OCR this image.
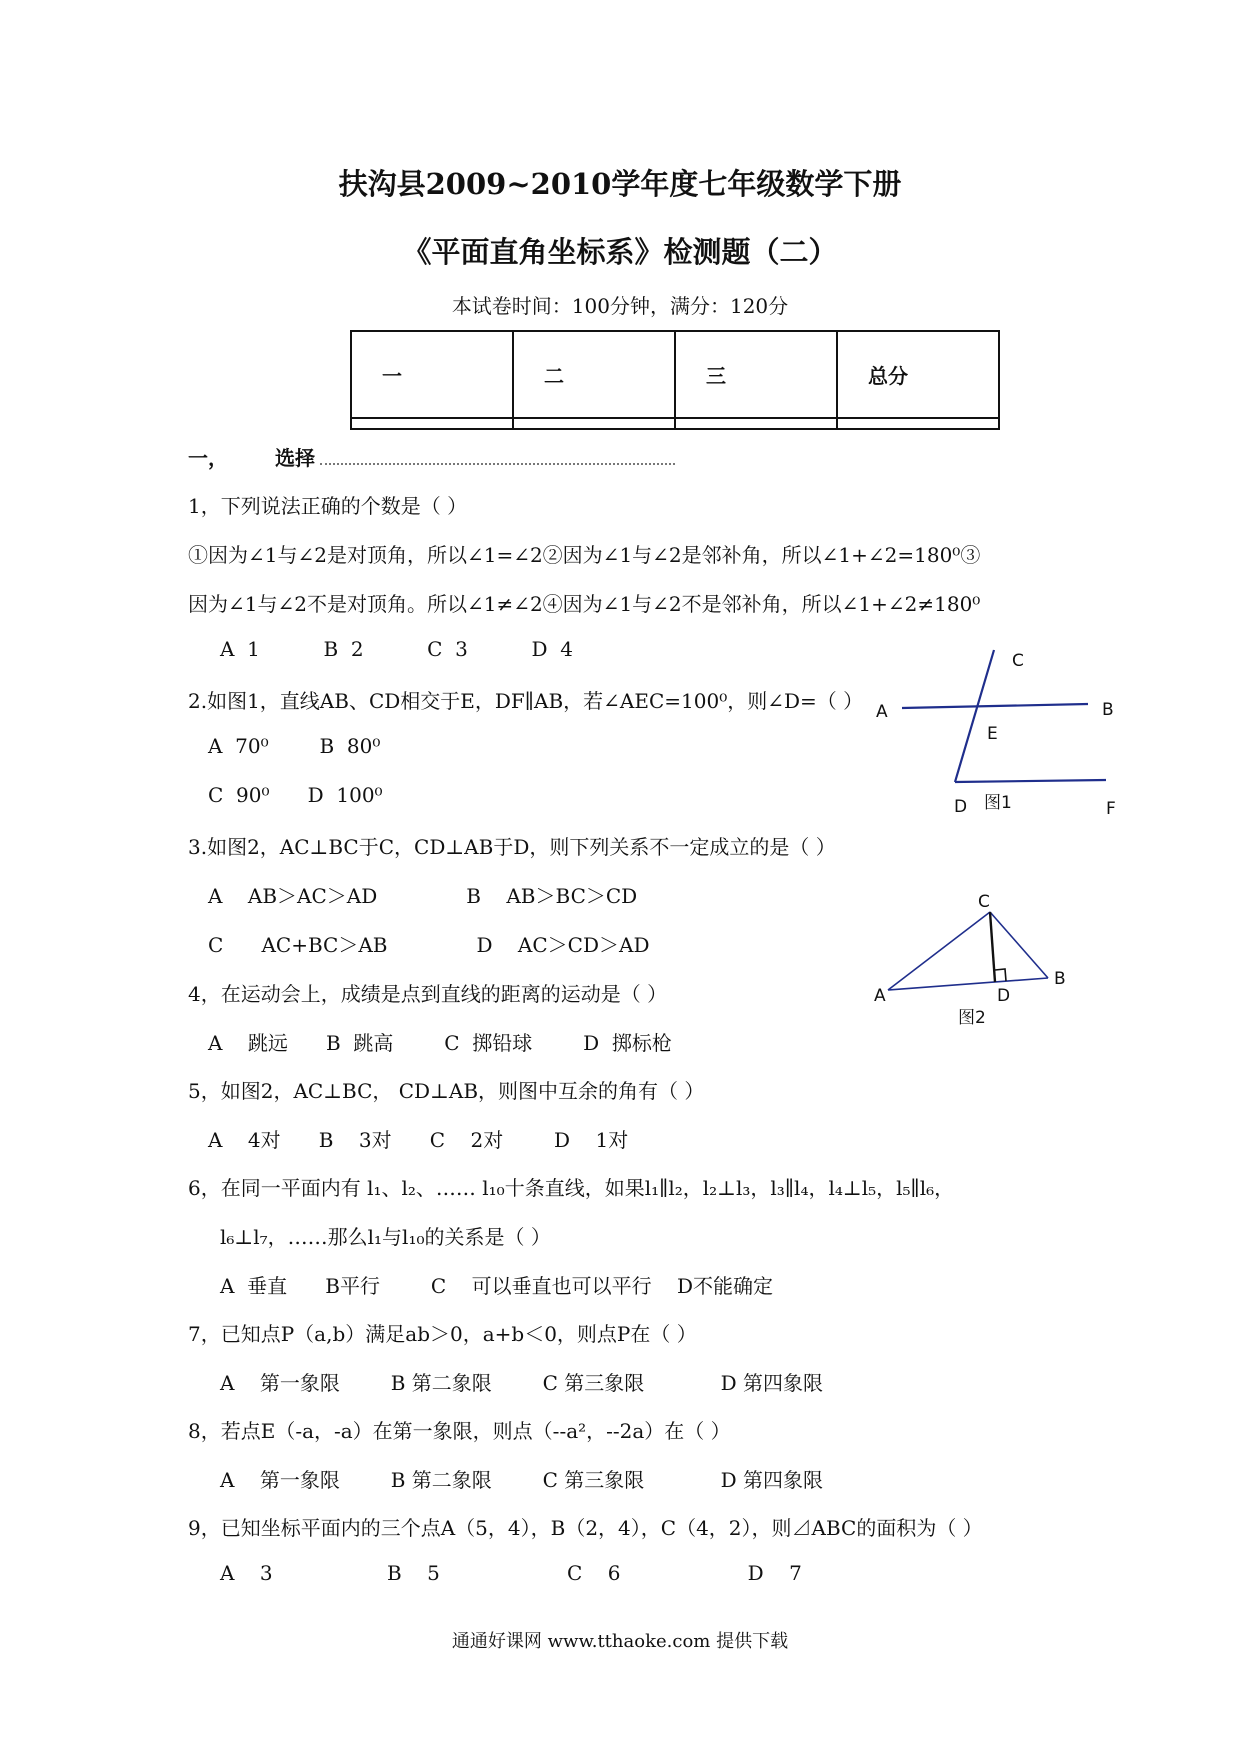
扶沟县2009~2010学年度七年级数学下册
《平面直角坐标系》检测题（二）
本试卷时间：100分钟，满分：120分
一	二	三	总分

一， 选择
1，下列说法正确的个数是（ ）
①因为∠1与∠2是对顶角，所以∠1=∠2②因为∠1与∠2是邻补角，所以∠1+∠2=180⁰③
因为∠1与∠2不是对顶角。所以∠1≠∠2④因为∠1与∠2不是邻补角，所以∠1+∠2≠180⁰
A  1          B  2          C  3          D  4
2.如图1，直线AB、CD相交于E，DF∥AB，若∠AEC=100⁰，则∠D=（ ）
A  70⁰        B  80⁰
C  90⁰      D  100⁰
C
A	B
E
D 图1	F
3.如图2，AC⊥BC于C，CD⊥AB于D，则下列关系不一定成立的是（ ）
A    AB＞AC＞AD              B    AB＞BC＞CD
C      AC+BC＞AB              D    AC＞CD＞AD
C
A
B
D
图2
4，在运动会上，成绩是点到直线的距离的运动是（ ）
A    跳远      B  跳高        C  掷铅球        D  掷标枪
5，如图2，AC⊥BC， CD⊥AB，则图中互余的角有（ ）
A    4对      B    3对      C    2对        D    1对
6，在同一平面内有 l₁、l₂、…… l₁₀十条直线，如果l₁∥l₂，l₂⊥l₃，l₃∥l₄，l₄⊥l₅，l₅∥l₆，
l₆⊥l₇，……那么l₁与l₁₀的关系是（ ）
A  垂直      B平行        C    可以垂直也可以平行    D不能确定
7，已知点P（a,b）满足ab＞0，a+b＜0，则点P在（ ）
A    第一象限        B 第二象限        C 第三象限            D 第四象限
8，若点E（-a，-a）在第一象限，则点（--a²，--2a）在（ ）
A    第一象限        B 第二象限        C 第三象限            D 第四象限
9，已知坐标平面内的三个点A（5，4），B（2，4），C（4，2），则⊿ABC的面积为（ ）
A    3                  B    5                    C    6                    D    7
通通好课网 www.tthaoke.com 提供下载
